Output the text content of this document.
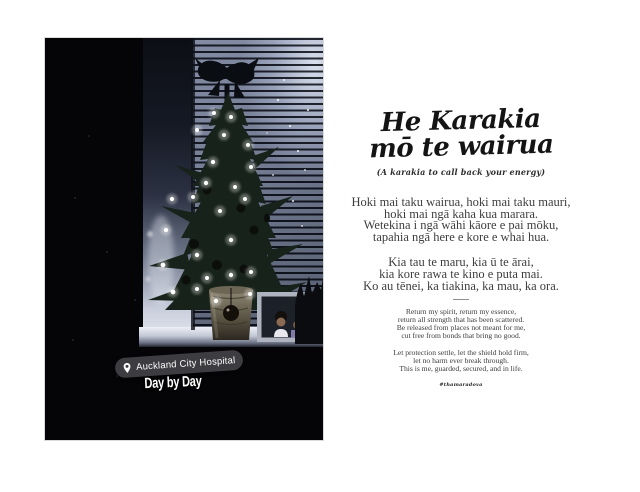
Auckland City Hospital
Day by Day
He Karakia
mō te wairua
(A karakia to call back your energy)
Hoki mai taku wairua, hoki mai taku mauri,
hoki mai ngā kaha kua marara.
Wetekina i ngā wāhi kāore e pai mōku,
tapahia ngā here e kore e whai hua.
Kia tau te maru, kia ū te ārai,
kia kore rawa te kino e puta mai.
Ko au tēnei, ka tiakina, ka mau, ka ora.
Return my spirit, return my essence,
return all strength that has been scattered.
Be released from places not meant for me,
cut free from bonds that bring no good.
Let protection settle, let the shield hold firm,
let no harm ever break through.
This is me, guarded, secured, and in life.
#thamaradova
